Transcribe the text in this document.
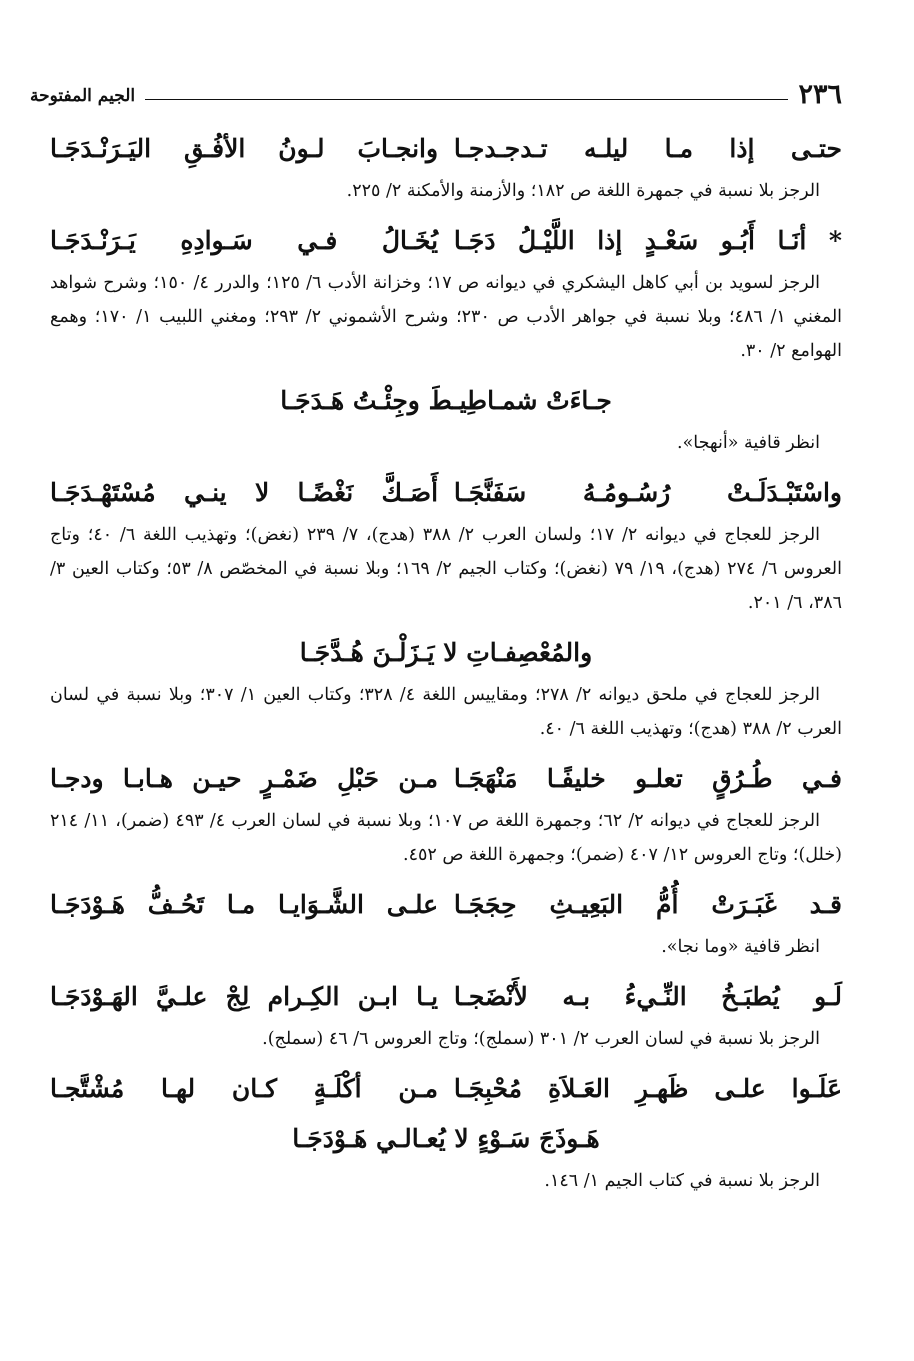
٢٣٦
الجيم المفتوحة
حتـى إذا مـا ليلـه تـدجـدجـا
وانجـابَ لـونُ الأفُـقِ اليَـرَنْـدَجَـا

الرجز بلا نسبة في جمهرة اللغة ص ١٨٢؛ والأزمنة والأمكنة ٢/ ٢٢٥.

* أنَـا أَبُـو سَعْـدٍ إذا اللَّيْـلُ دَجَـا
يُخَـالُ فـي سَـوادِهِ يَـرَنْـدَجَـا

الرجز لسويد بن أبي كاهل اليشكري في ديوانه ص ١٧؛ وخزانة الأدب ٦/ ١٢٥؛ والدرر ٤/ ١٥٠؛ وشرح شواهد المغني ١/ ٤٨٦؛ وبلا نسبة في جواهر الأدب ص ٢٣٠؛ وشرح الأشموني ٢/ ٢٩٣؛ ومغني اللبيب ١/ ١٧٠؛ وهمع الهوامع ٢/ ٣٠.

جـاءَتْ شمـاطِيـطَ وجِئْـتُ هَـدَجَـا

انظر قافية «أنهجا».

واسْتَبْـدَلَـتْ رُسُـومُـهُ سَفَنَّجَـا
أَصَـكَّ نَغْضًـا لا ينـي مُسْتَهْـدَجَـا

الرجز للعجاج في ديوانه ٢/ ١٧؛ ولسان العرب ٢/ ٣٨٨ (هدج)، ٧/ ٢٣٩ (نغض)؛ وتهذيب اللغة ٦/ ٤٠؛ وتاج العروس ٦/ ٢٧٤ (هدج)، ١٩/ ٧٩ (نغض)؛ وكتاب الجيم ٢/ ١٦٩؛ وبلا نسبة في المخصّص ٨/ ٥٣؛ وكتاب العين ٣/ ٣٨٦، ٦/ ٢٠١.

والمُعْصِفـاتِ لا يَـزَلْـنَ هُـدَّجَـا

الرجز للعجاج في ملحق ديوانه ٢/ ٢٧٨؛ ومقاييس اللغة ٤/ ٣٢٨؛ وكتاب العين ١/ ٣٠٧؛ وبلا نسبة في لسان العرب ٢/ ٣٨٨ (هدج)؛ وتهذيب اللغة ٦/ ٤٠.

فـي طُـرُقٍ تعلـو خليفًـا مَنْهَجَـا
مـن حَبْلِ ضَمْـرٍ حيـن هـابـا ودجـا

الرجز للعجاج في ديوانه ٢/ ٦٢؛ وجمهرة اللغة ص ١٠٧؛ وبلا نسبة في لسان العرب ٤/ ٤٩٣ (ضمر)، ١١/ ٢١٤ (خلل)؛ وتاج العروس ١٢/ ٤٠٧ (ضمر)؛ وجمهرة اللغة ص ٤٥٢.

قـد غَبَـرَتْ أُمُّ البَعِيـثِ حِجَجَـا
علـى الشَّـوَايـا مـا تَحُـفُّ هَـوْدَجَـا

انظر قافية «وما نجا».

لَـو يُطبَـخُ النِّـيءُ بـه لأَنْضَجـا
يـا ابـن الكِـرام لِجْ علـيَّ الهَـوْدَجَـا

الرجز بلا نسبة في لسان العرب ٢/ ٣٠١ (سملج)؛ وتاج العروس ٦/ ٤٦ (سملج).

عَلَـوا علـى ظَهـرِ العَـلاَةِ مُحْبِجَـا
مـن أكْلَـةٍ كـان لهـا مُشْتَّجـا
هَـوذَجَ سَـوْءٍ لا يُعـالـي هَـوْدَجَـا

الرجز بلا نسبة في كتاب الجيم ١/ ١٤٦.
